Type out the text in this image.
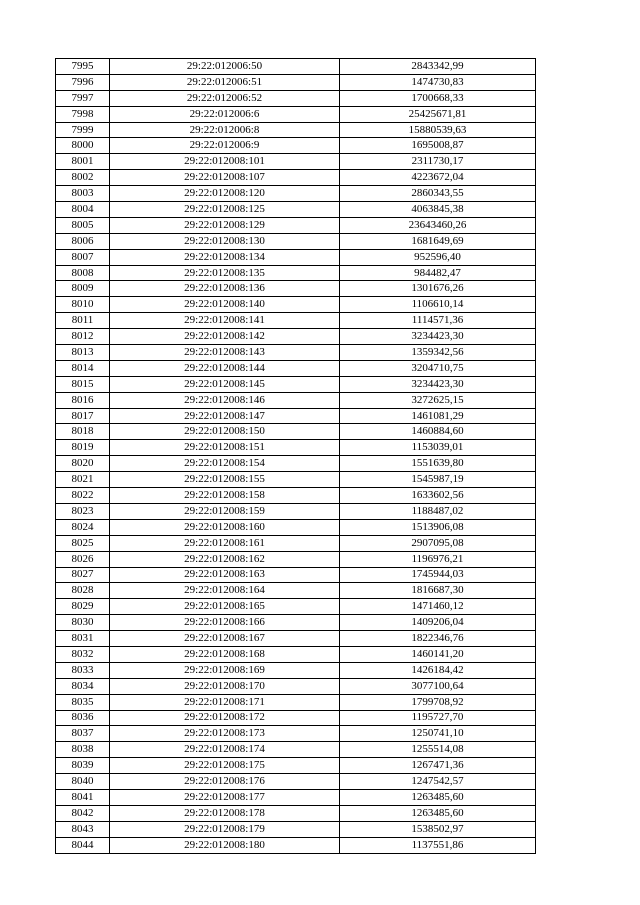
7995	29:22:012006:50	2843342,99
7996	29:22:012006:51	1474730,83
7997	29:22:012006:52	1700668,33
7998	29:22:012006:6	25425671,81
7999	29:22:012006:8	15880539,63
8000	29:22:012006:9	1695008,87
8001	29:22:012008:101	2311730,17
8002	29:22:012008:107	4223672,04
8003	29:22:012008:120	2860343,55
8004	29:22:012008:125	4063845,38
8005	29:22:012008:129	23643460,26
8006	29:22:012008:130	1681649,69
8007	29:22:012008:134	952596,40
8008	29:22:012008:135	984482,47
8009	29:22:012008:136	1301676,26
8010	29:22:012008:140	1106610,14
8011	29:22:012008:141	1114571,36
8012	29:22:012008:142	3234423,30
8013	29:22:012008:143	1359342,56
8014	29:22:012008:144	3204710,75
8015	29:22:012008:145	3234423,30
8016	29:22:012008:146	3272625,15
8017	29:22:012008:147	1461081,29
8018	29:22:012008:150	1460884,60
8019	29:22:012008:151	1153039,01
8020	29:22:012008:154	1551639,80
8021	29:22:012008:155	1545987,19
8022	29:22:012008:158	1633602,56
8023	29:22:012008:159	1188487,02
8024	29:22:012008:160	1513906,08
8025	29:22:012008:161	2907095,08
8026	29:22:012008:162	1196976,21
8027	29:22:012008:163	1745944,03
8028	29:22:012008:164	1816687,30
8029	29:22:012008:165	1471460,12
8030	29:22:012008:166	1409206,04
8031	29:22:012008:167	1822346,76
8032	29:22:012008:168	1460141,20
8033	29:22:012008:169	1426184,42
8034	29:22:012008:170	3077100,64
8035	29:22:012008:171	1799708,92
8036	29:22:012008:172	1195727,70
8037	29:22:012008:173	1250741,10
8038	29:22:012008:174	1255514,08
8039	29:22:012008:175	1267471,36
8040	29:22:012008:176	1247542,57
8041	29:22:012008:177	1263485,60
8042	29:22:012008:178	1263485,60
8043	29:22:012008:179	1538502,97
8044	29:22:012008:180	1137551,86
